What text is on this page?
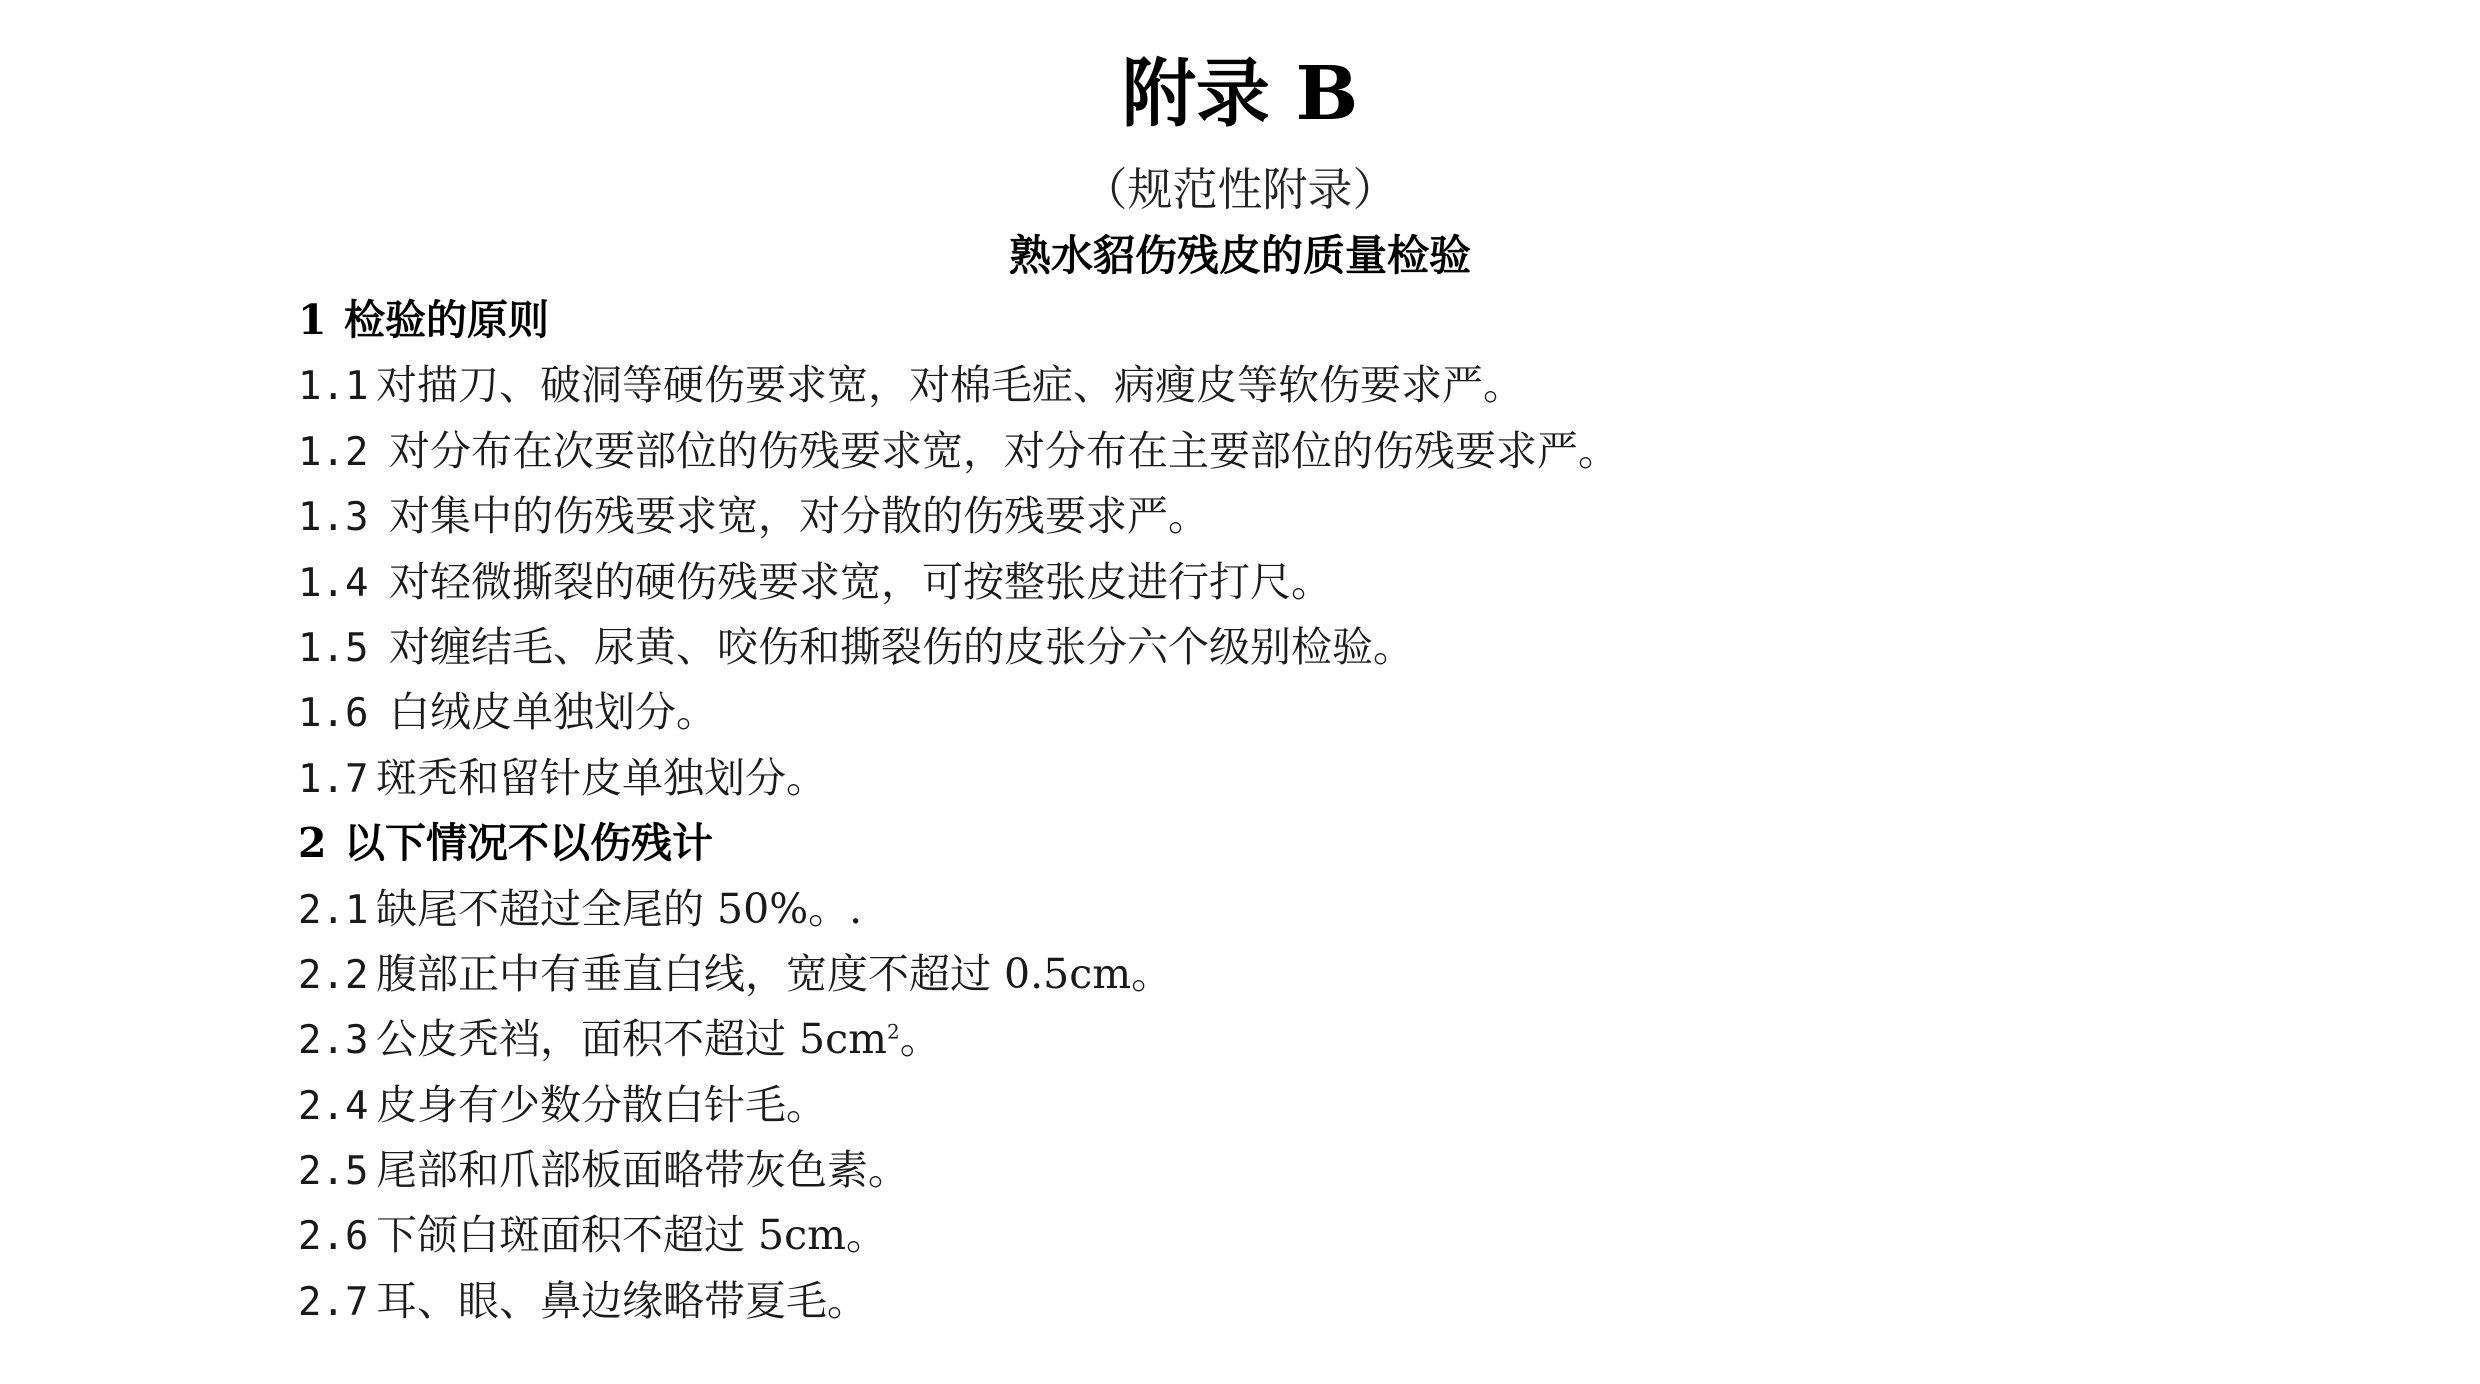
附录 B
（规范性附录）
熟水貂伤残皮的质量检验
1 检验的原则
1.1 对描刀、破洞等硬伤要求宽，对棉毛症、病瘦皮等软伤要求严。
1.2 对分布在次要部位的伤残要求宽，对分布在主要部位的伤残要求严。
1.3 对集中的伤残要求宽，对分散的伤残要求严。
1.4 对轻微撕裂的硬伤残要求宽，可按整张皮进行打尺。
1.5 对缠结毛、尿黄、咬伤和撕裂伤的皮张分六个级别检验。
1.6 白绒皮单独划分。
1.7 斑秃和留针皮单独划分。
2 以下情况不以伤残计
2.1 缺尾不超过全尾的 50%。.
2.2 腹部正中有垂直白线，宽度不超过 0.5cm。
2.3 公皮秃裆，面积不超过 $5cm^2$。
2.4 皮身有少数分散白针毛。
2.5 尾部和爪部板面略带灰色素。
2.6 下颌白斑面积不超过 5cm。
2.7 耳、眼、鼻边缘略带夏毛。
